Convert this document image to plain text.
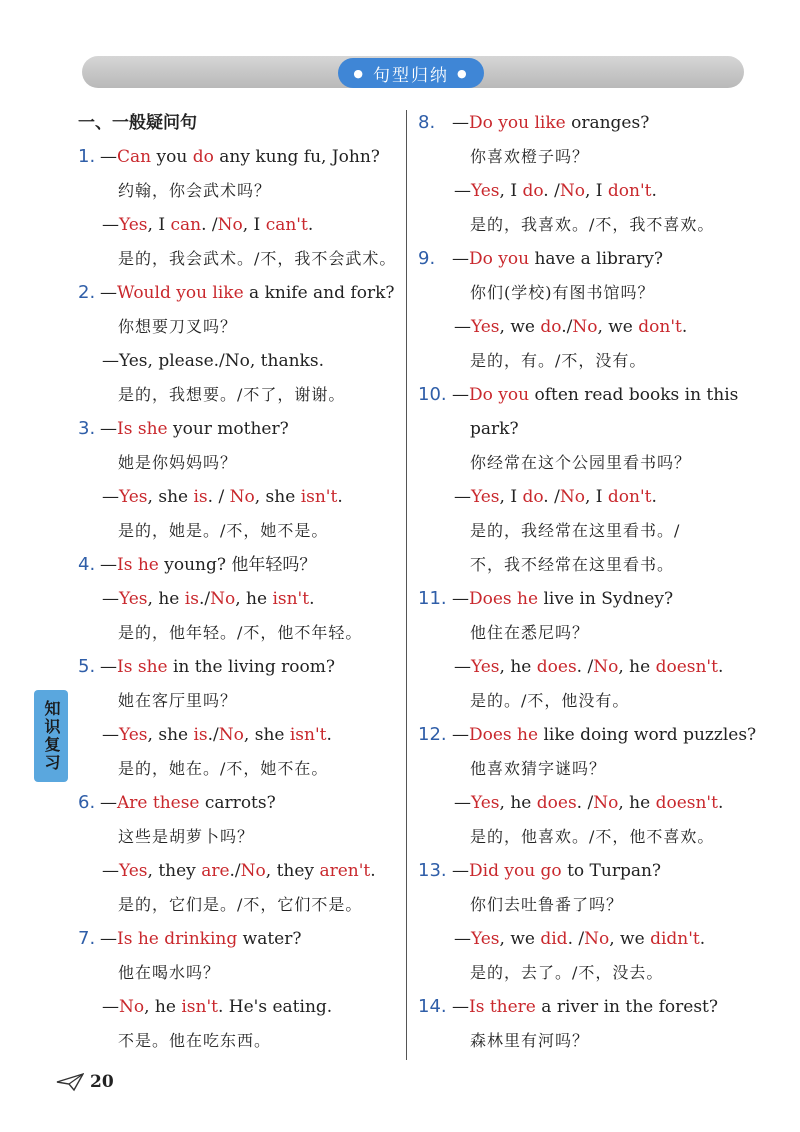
● 句型归纳 ●
一、一般疑问句
1. —Can you do any kung fu, John?
约翰，你会武术吗？
—Yes, I can. /No, I can't.
是的，我会武术。/不，我不会武术。
2. —Would you like a knife and fork?
你想要刀叉吗？
—Yes, please./No, thanks.
是的，我想要。/不了，谢谢。
3. —Is she your mother?
她是你妈妈吗？
—Yes, she is. / No, she isn't.
是的，她是。/不，她不是。
4. —Is he young? 他年轻吗？
—Yes, he is./No, he isn't.
是的，他年轻。/不，他不年轻。
5. —Is she in the living room?
她在客厅里吗？
—Yes, she is./No, she isn't.
是的，她在。/不，她不在。
6. —Are these carrots?
这些是胡萝卜吗？
—Yes, they are./No, they aren't.
是的，它们是。/不，它们不是。
7. —Is he drinking water?
他在喝水吗？
—No, he isn't. He's eating.
不是。他在吃东西。
8. —Do you like oranges?
你喜欢橙子吗？
—Yes, I do. /No, I don't.
是的，我喜欢。/不，我不喜欢。
9. —Do you have a library?
你们(学校)有图书馆吗？
—Yes, we do./No, we don't.
是的，有。/不，没有。
10. —Do you often read books in this
park?
你经常在这个公园里看书吗？
—Yes, I do. /No, I don't.
是的，我经常在这里看书。/
不，我不经常在这里看书。
11. —Does he live in Sydney?
他住在悉尼吗？
—Yes, he does. /No, he doesn't.
是的。/不，他没有。
12. —Does he like doing word puzzles?
他喜欢猜字谜吗？
—Yes, he does. /No, he doesn't.
是的，他喜欢。/不，他不喜欢。
13. —Did you go to Turpan?
你们去吐鲁番了吗？
—Yes, we did. /No, we didn't.
是的，去了。/不，没去。
14. —Is there a river in the forest?
森林里有河吗？
知识复习
20
